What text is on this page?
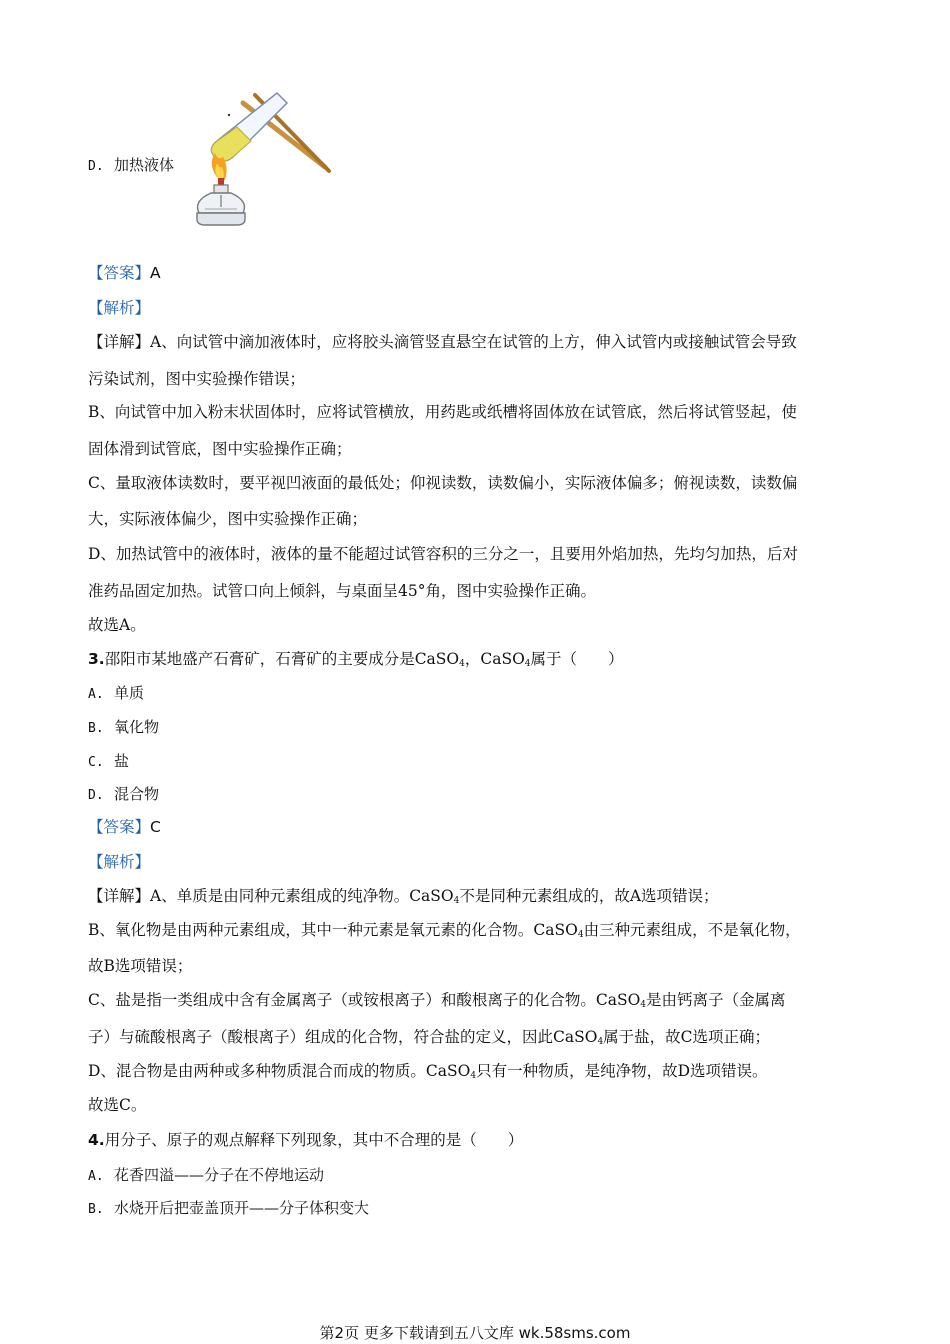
D. 加热液体
【答案】A
【解析】
【详解】A、向试管中滴加液体时，应将胶头滴管竖直悬空在试管的上方，伸入试管内或接触试管会导致
污染试剂，图中实验操作错误；
B、向试管中加入粉末状固体时，应将试管横放，用药匙或纸槽将固体放在试管底，然后将试管竖起，使
固体滑到试管底，图中实验操作正确；
C、量取液体读数时，要平视凹液面的最低处；仰视读数，读数偏小，实际液体偏多；俯视读数，读数偏
大，实际液体偏少，图中实验操作正确；
D、加热试管中的液体时，液体的量不能超过试管容积的三分之一，且要用外焰加热，先均匀加热，后对
准药品固定加热。试管口向上倾斜，与桌面呈45°角，图中实验操作正确。
故选A。
3.邵阳市某地盛产石膏矿，石膏矿的主要成分是CaSO$_4$，CaSO$_4$属于（　　）
A. 单质
B. 氧化物
C. 盐
D. 混合物
【答案】C
【解析】
【详解】A、单质是由同种元素组成的纯净物。CaSO$_4$不是同种元素组成的，故A选项错误；
B、氧化物是由两种元素组成，其中一种元素是氧元素的化合物。CaSO$_4$由三种元素组成，不是氧化物，
故B选项错误；
C、盐是指一类组成中含有金属离子（或铵根离子）和酸根离子的化合物。CaSO$_4$是由钙离子（金属离
子）与硫酸根离子（酸根离子）组成的化合物，符合盐的定义，因此CaSO$_4$属于盐，故C选项正确；
D、混合物是由两种或多种物质混合而成的物质。CaSO$_4$只有一种物质，是纯净物，故D选项错误。
故选C。
4.用分子、原子的观点解释下列现象，其中不合理的是（　　）
A. 花香四溢——分子在不停地运动
B. 水烧开后把壶盖顶开——分子体积变大
第2页 更多下载请到五八文库 wk.58sms.com
